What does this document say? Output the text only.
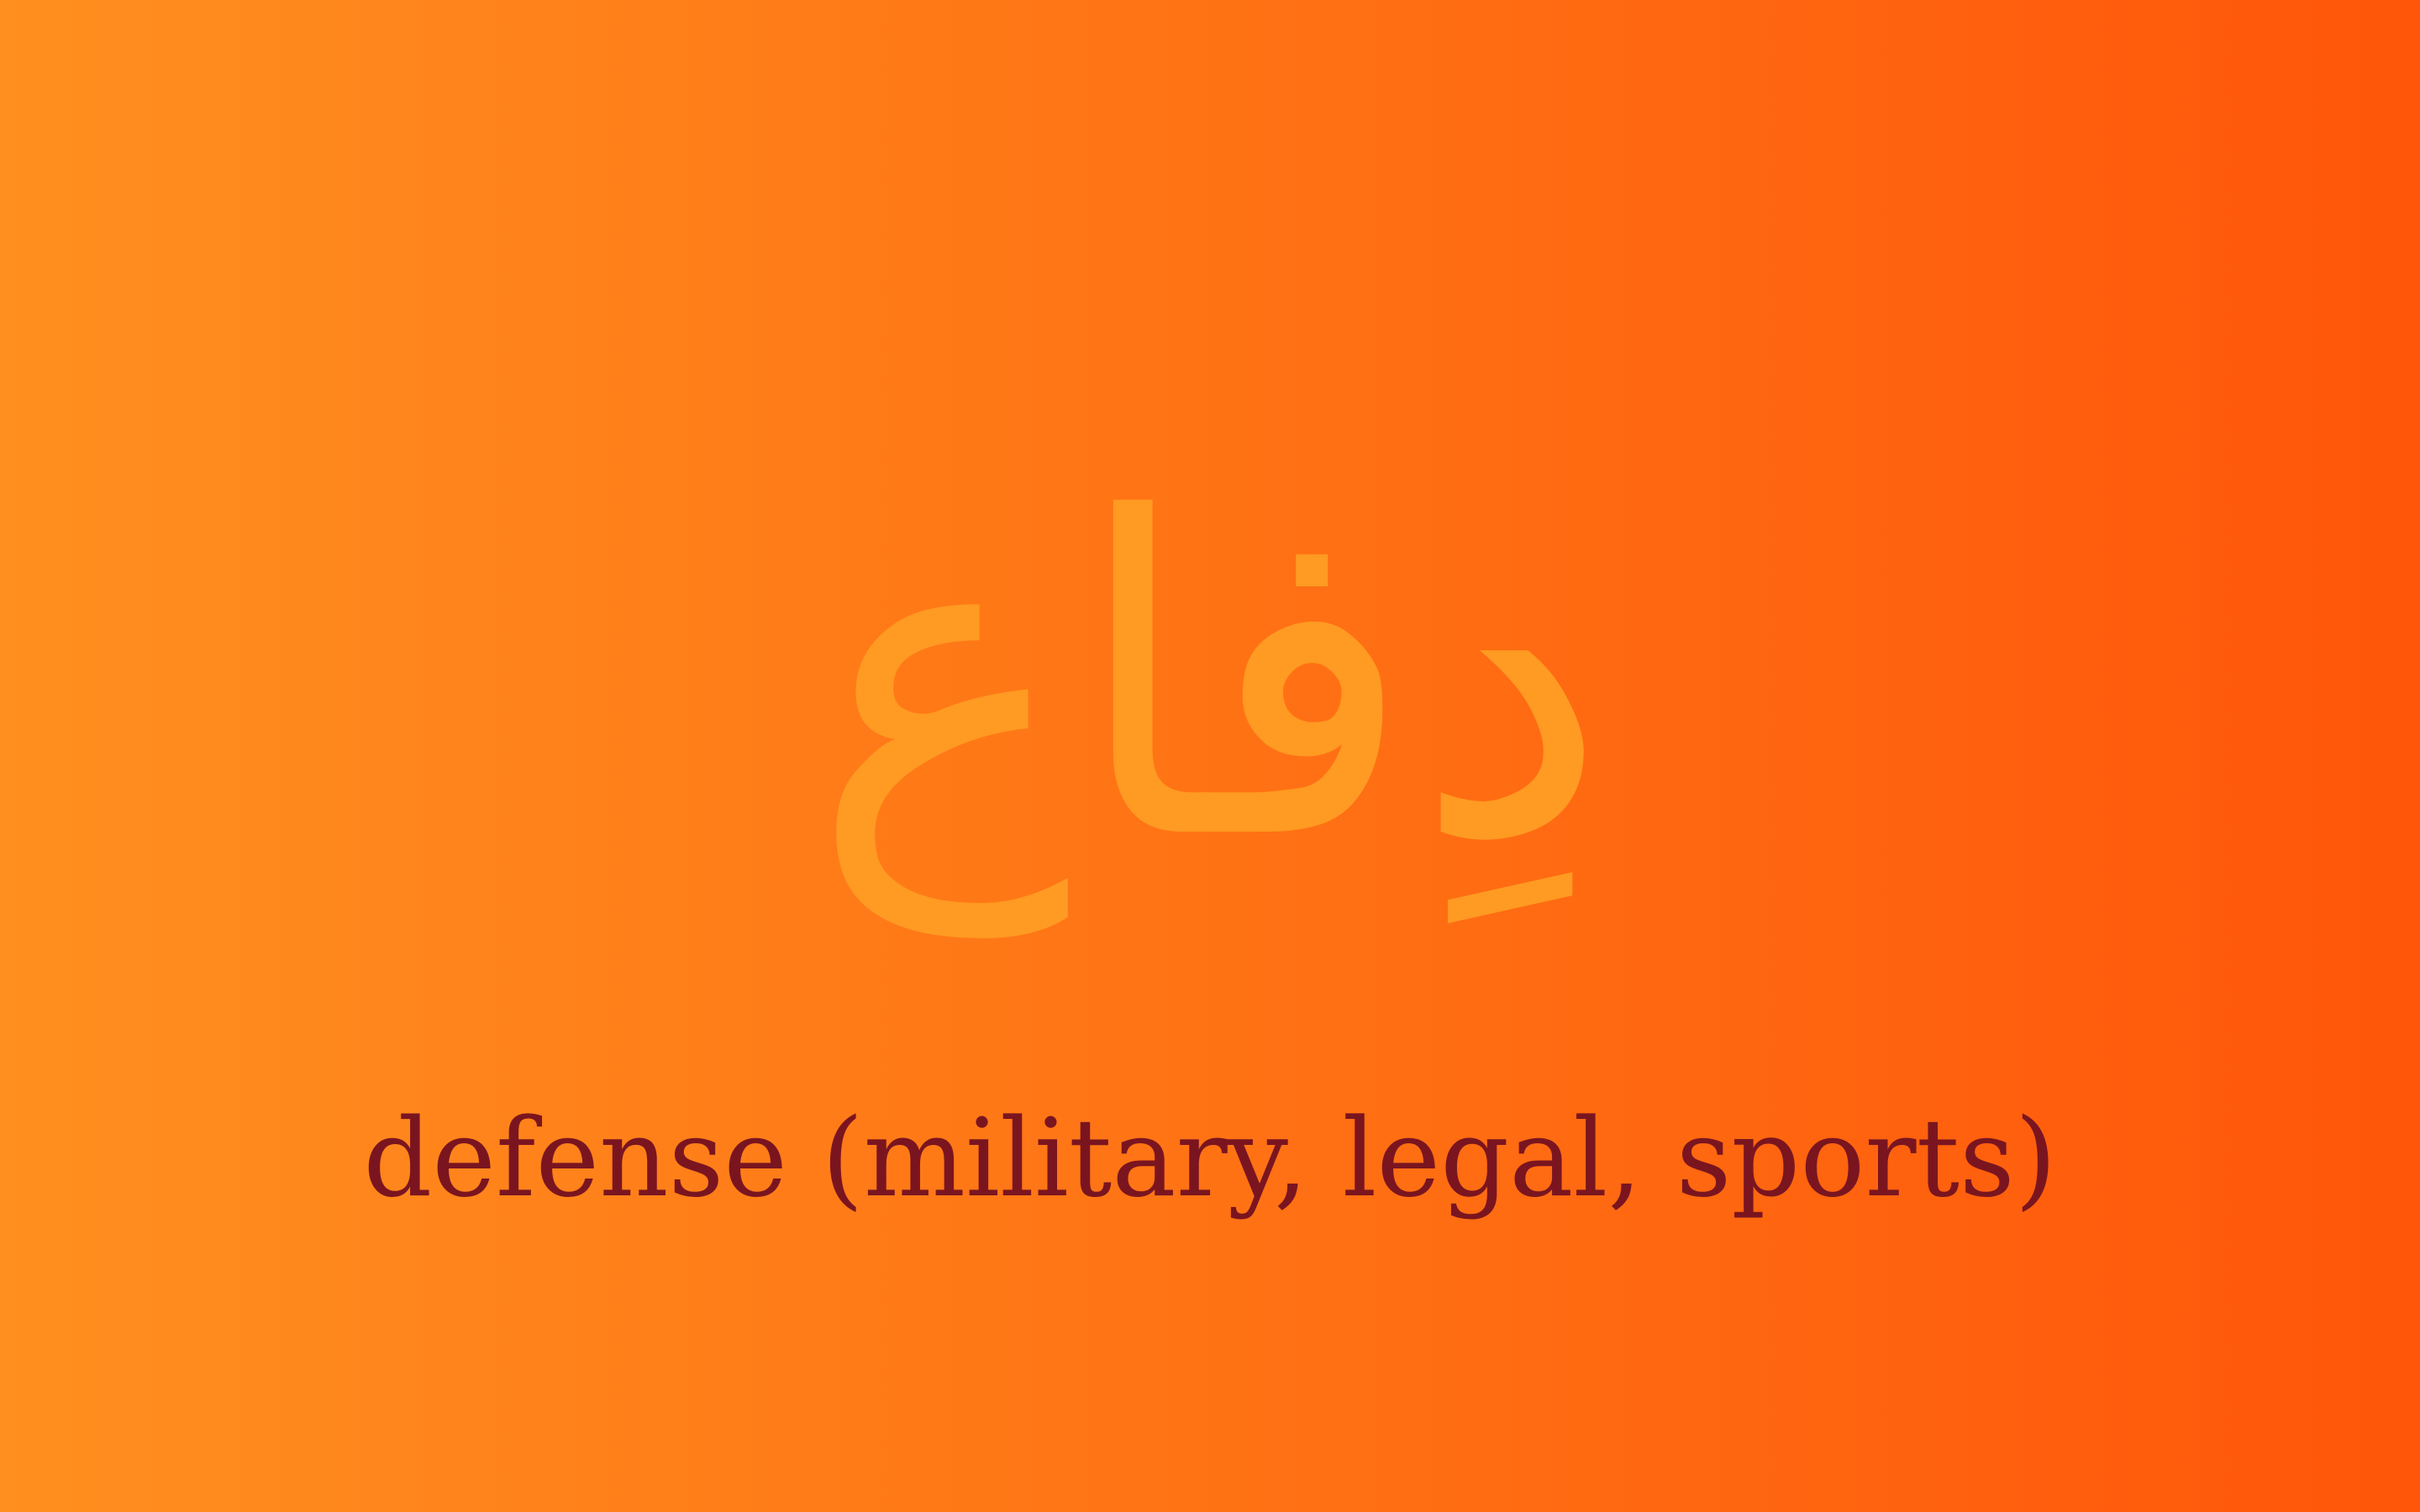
دِفاع
defense (military, legal, sports)
